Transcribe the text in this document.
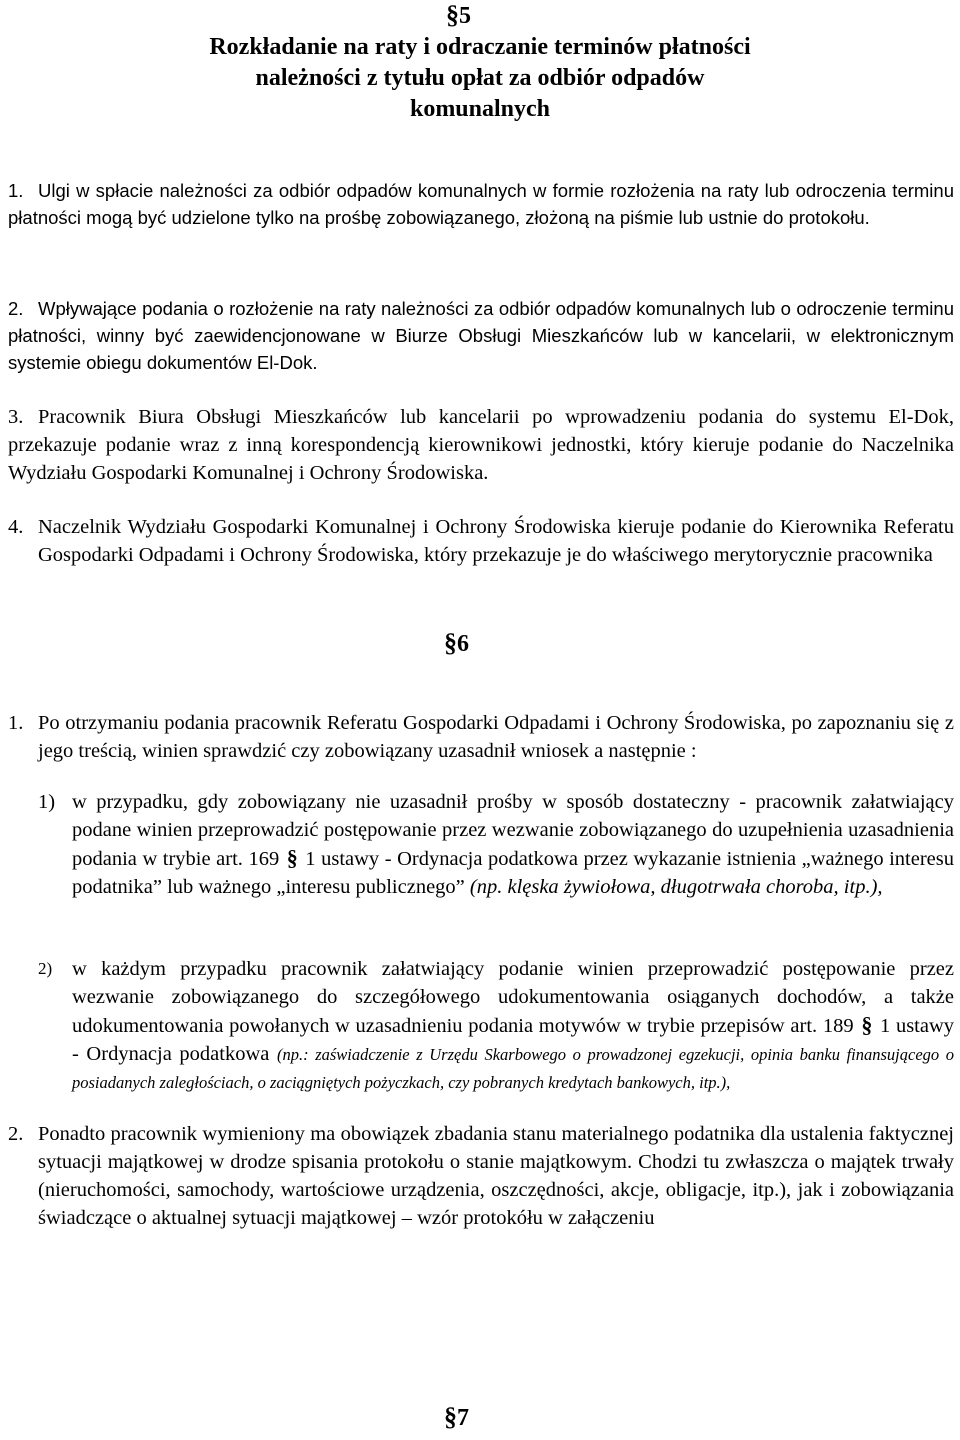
§5
Rozkładanie na raty i odraczanie terminów płatności
należności z tytułu opłat za odbiór odpadów
komunalnych
1. Ulgi w spłacie należności za odbiór odpadów komunalnych w formie rozłożenia na raty lub odroczenia terminu płatności mogą być udzielone tylko na prośbę zobowiązanego, złożoną na piśmie lub ustnie do protokołu.
2. Wpływające podania o rozłożenie na raty należności za odbiór odpadów komunalnych lub o odroczenie terminu płatności, winny być zaewidencjonowane w Biurze Obsługi Mieszkańców lub w kancelarii, w elektronicznym systemie obiegu dokumentów El-Dok.
3. Pracownik Biura Obsługi Mieszkańców lub kancelarii po wprowadzeniu podania do systemu El-Dok, przekazuje podanie wraz z inną korespondencją kierownikowi jednostki, który kieruje podanie do Naczelnika Wydziału Gospodarki Komunalnej i Ochrony Środowiska.
4. Naczelnik Wydziału Gospodarki Komunalnej i Ochrony Środowiska kieruje podanie do Kierownika Referatu Gospodarki Odpadami i Ochrony Środowiska, który przekazuje je do właściwego merytorycznie pracownika
§6
1. Po otrzymaniu podania pracownik Referatu Gospodarki Odpadami i Ochrony Środowiska, po zapoznaniu się z jego treścią, winien sprawdzić czy zobowiązany uzasadnił wniosek a następnie :
1) w przypadku, gdy zobowiązany nie uzasadnił prośby w sposób dostateczny - pracownik załatwiający podane winien przeprowadzić postępowanie przez wezwanie zobowiązanego do uzupełnienia uzasadnienia podania w trybie art. 169 § 1 ustawy - Ordynacja podatkowa przez wykazanie istnienia „ważnego interesu podatnika” lub ważnego „interesu publicznego” (np. klęska żywiołowa, długotrwała choroba, itp.),
2) w każdym przypadku pracownik załatwiający podanie winien przeprowadzić postępowanie przez wezwanie zobowiązanego do szczegółowego udokumentowania osiąganych dochodów, a także udokumentowania powołanych w uzasadnieniu podania motywów w trybie przepisów art. 189 § 1 ustawy - Ordynacja podatkowa (np.: zaświadczenie z Urzędu Skarbowego o prowadzonej egzekucji, opinia banku finansującego o posiadanych zaległościach, o zaciągniętych pożyczkach, czy pobranych kredytach bankowych, itp.),
2. Ponadto pracownik wymieniony ma obowiązek zbadania stanu materialnego podatnika dla ustalenia faktycznej sytuacji majątkowej w drodze spisania protokołu o stanie majątkowym. Chodzi tu zwłaszcza o majątek trwały (nieruchomości, samochody, wartościowe urządzenia, oszczędności, akcje, obligacje, itp.), jak i zobowiązania świadczące o aktualnej sytuacji majątkowej – wzór protokółu w załączeniu
§7
